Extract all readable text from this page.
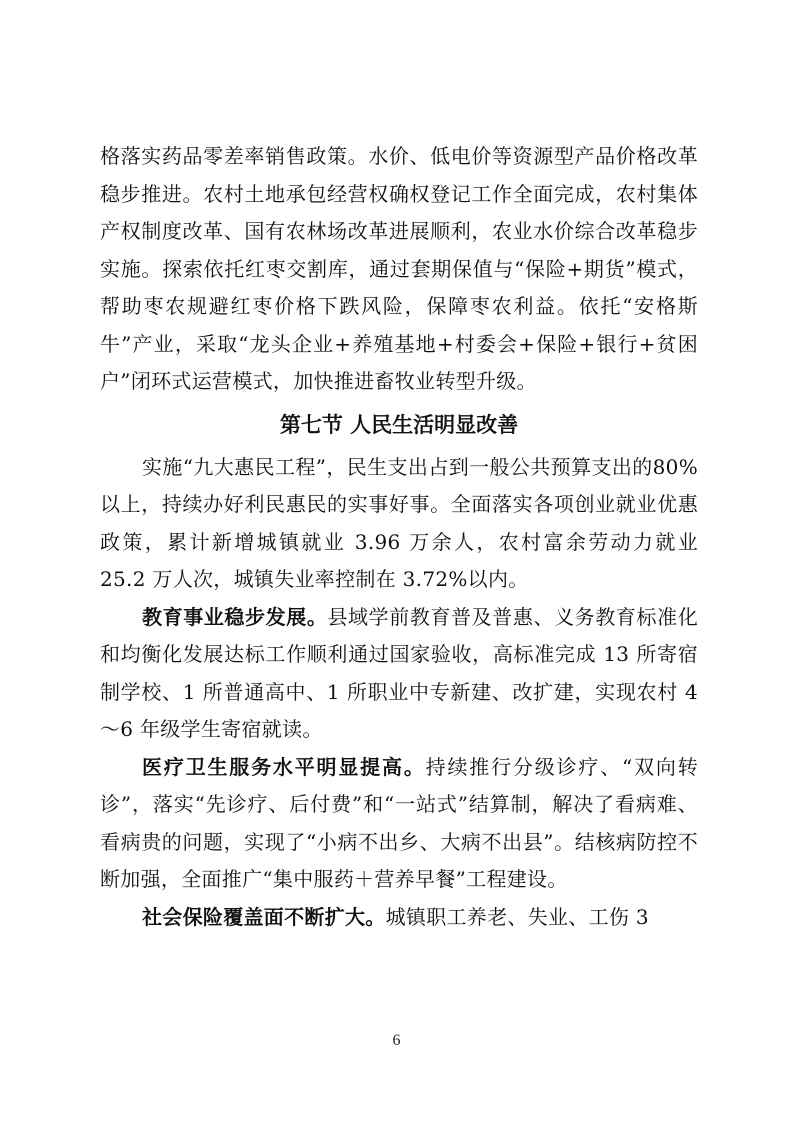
格落实药品零差率销售政策。水价、低电价等资源型产品价格改革稳步推进。农村土地承包经营权确权登记工作全面完成，农村集体产权制度改革、国有农林场改革进展顺利，农业水价综合改革稳步实施。探索依托红枣交割库，通过套期保值与“保险+期货”模式，帮助枣农规避红枣价格下跌风险，保障枣农利益。依托“安格斯牛”产业，采取“龙头企业+养殖基地+村委会+保险+银行+贫困户”闭环式运营模式，加快推进畜牧业转型升级。

第七节 人民生活明显改善

实施“九大惠民工程”，民生支出占到一般公共预算支出的80%以上，持续办好利民惠民的实事好事。全面落实各项创业就业优惠政策，累计新增城镇就业 3.96 万余人，农村富余劳动力就业 25.2 万人次，城镇失业率控制在 3.72%以内。

教育事业稳步发展。县域学前教育普及普惠、义务教育标准化和均衡化发展达标工作顺利通过国家验收，高标准完成 13 所寄宿制学校、1 所普通高中、1 所职业中专新建、改扩建，实现农村 4～6 年级学生寄宿就读。

医疗卫生服务水平明显提高。持续推行分级诊疗、“双向转诊”，落实“先诊疗、后付费”和“一站式”结算制，解决了看病难、看病贵的问题，实现了“小病不出乡、大病不出县”。结核病防控不断加强，全面推广“集中服药＋营养早餐”工程建设。

社会保险覆盖面不断扩大。城镇职工养老、失业、工伤 3

6
